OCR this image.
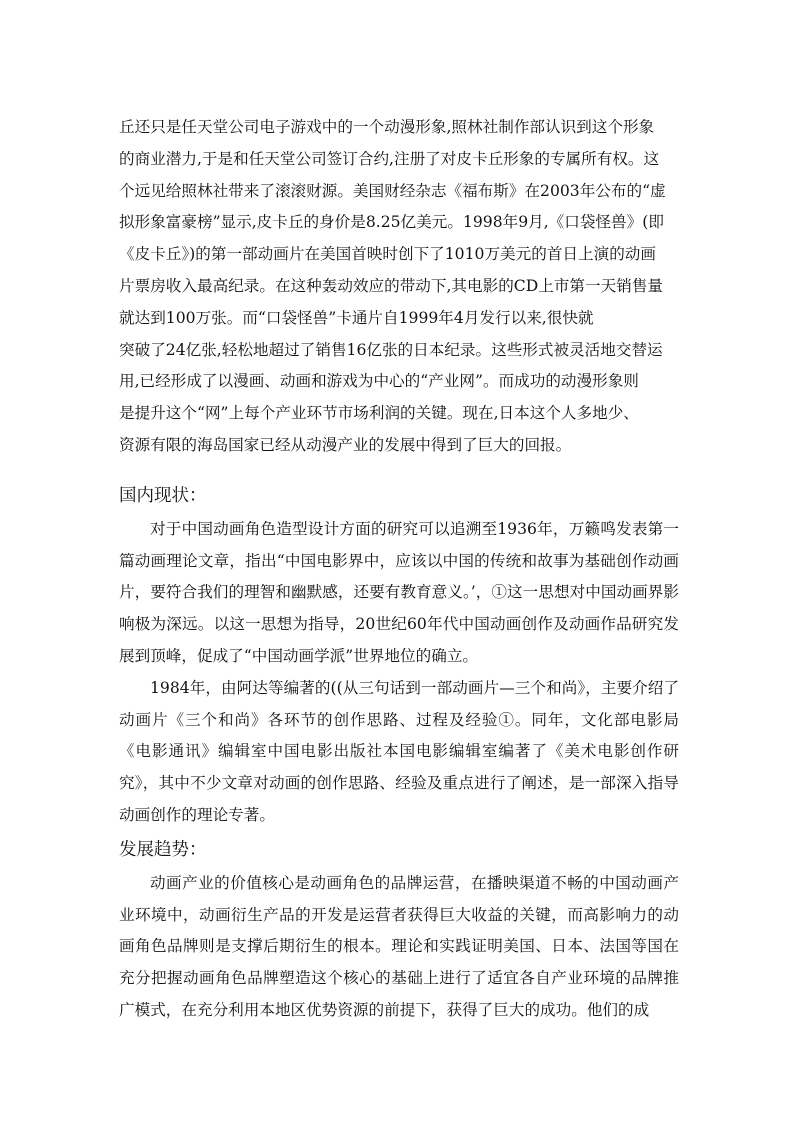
丘还只是任天堂公司电子游戏中的一个动漫形象,照林社制作部认识到这个形象
的商业潜力,于是和任天堂公司签订合约,注册了对皮卡丘形象的专属所有权。这
个远见给照林社带来了滚滚财源。美国财经杂志《福布斯》在2003年公布的“虚
拟形象富豪榜”显示,皮卡丘的身价是8.25亿美元。1998年9月,《口袋怪兽》(即
《皮卡丘》)的第一部动画片在美国首映时创下了1010万美元的首日上演的动画
片票房收入最高纪录。在这种轰动效应的带动下,其电影的CD上市第一天销售量
就达到100万张。而“口袋怪兽”卡通片自1999年4月发行以来,很快就
突破了24亿张,轻松地超过了销售16亿张的日本纪录。这些形式被灵活地交替运
用,已经形成了以漫画、动画和游戏为中心的“产业网”。而成功的动漫形象则
是提升这个“网”上每个产业环节市场利润的关键。现在,日本这个人多地少、
资源有限的海岛国家已经从动漫产业的发展中得到了巨大的回报。
国内现状：

对于中国动画角色造型设计方面的研究可以追溯至1936年，万籁鸣发表第一篇动画理论文章，指出“中国电影界中，应该以中国的传统和故事为基础创作动画片，要符合我们的理智和幽默感，还要有教育意义。’，①这一思想对中国动画界影响极为深远。以这一思想为指导，20世纪60年代中国动画创作及动画作品研究发展到顶峰，促成了“中国动画学派”世界地位的确立。

1984年，由阿达等编著的((从三句话到一部动画片—三个和尚》，主要介绍了动画片《三个和尚》各环节的创作思路、过程及经验①。同年，文化部电影局《电影通讯》编辑室中国电影出版社本国电影编辑室编著了《美术电影创作研究》，其中不少文章对动画的创作思路、经验及重点进行了阐述，是一部深入指导动画创作的理论专著。

发展趋势：

动画产业的价值核心是动画角色的品牌运营，在播映渠道不畅的中国动画产业环境中，动画衍生产品的开发是运营者获得巨大收益的关键，而高影响力的动画角色品牌则是支撑后期衍生的根本。理论和实践证明美国、日本、法国等国在充分把握动画角色品牌塑造这个核心的基础上进行了适宜各自产业环境的品牌推广模式，在充分利用本地区优势资源的前提下，获得了巨大的成功。他们的成
